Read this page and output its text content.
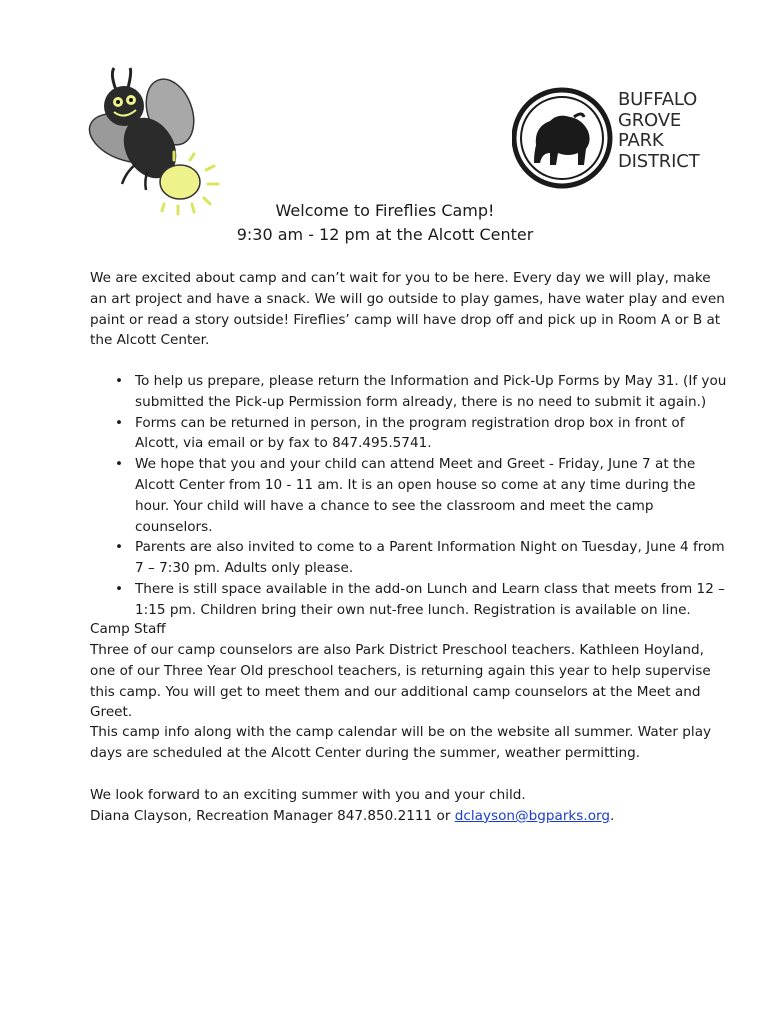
BUFFALO
GROVE
PARK
DISTRICT
Welcome to Fireflies Camp!
9:30 am - 12 pm at the Alcott Center
We are excited about camp and can’t wait for you to be here. Every day we will play, make an art project and have a snack. We will go outside to play games, have water play and even paint or read a story outside! Fireflies’ camp will have drop off and pick up in Room A or B at the Alcott Center.
• To help us prepare, please return the Information and Pick-Up Forms by May 31. (If you submitted the Pick-up Permission form already, there is no need to submit it again.)
• Forms can be returned in person, in the program registration drop box in front of Alcott, via email or by fax to 847.495.5741.
• We hope that you and your child can attend Meet and Greet - Friday, June 7 at the Alcott Center from 10 - 11 am. It is an open house so come at any time during the hour. Your child will have a chance to see the classroom and meet the camp counselors.
• Parents are also invited to come to a Parent Information Night on Tuesday, June 4 from 7 – 7:30 pm. Adults only please.
• There is still space available in the add-on Lunch and Learn class that meets from 12 – 1:15 pm. Children bring their own nut-free lunch. Registration is available on line.
Camp Staff
Three of our camp counselors are also Park District Preschool teachers. Kathleen Hoyland, one of our Three Year Old preschool teachers, is returning again this year to help supervise this camp. You will get to meet them and our additional camp counselors at the Meet and Greet.
This camp info along with the camp calendar will be on the website all summer. Water play days are scheduled at the Alcott Center during the summer, weather permitting.
We look forward to an exciting summer with you and your child.
Diana Clayson, Recreation Manager 847.850.2111 or dclayson@bgparks.org.
